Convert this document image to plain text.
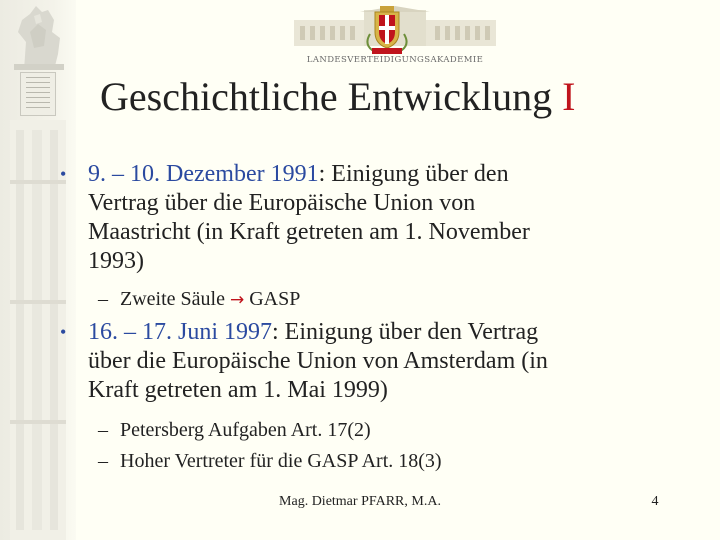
LANDESVERTEIDIGUNGSAKADEMIE
Geschichtliche Entwicklung I
• 9. – 10. Dezember 1991: Einigung über den
Vertrag über die Europäische Union von
Maastricht (in Kraft getreten am 1. November
1993)
– Zweite Säule → GASP
• 16. – 17. Juni 1997: Einigung über den Vertrag
über die Europäische Union von Amsterdam (in
Kraft getreten am 1. Mai 1999)
– Petersberg Aufgaben Art. 17(2)
– Hoher Vertreter für die GASP Art. 18(3)
Mag. Dietmar PFARR, M.A.	4
